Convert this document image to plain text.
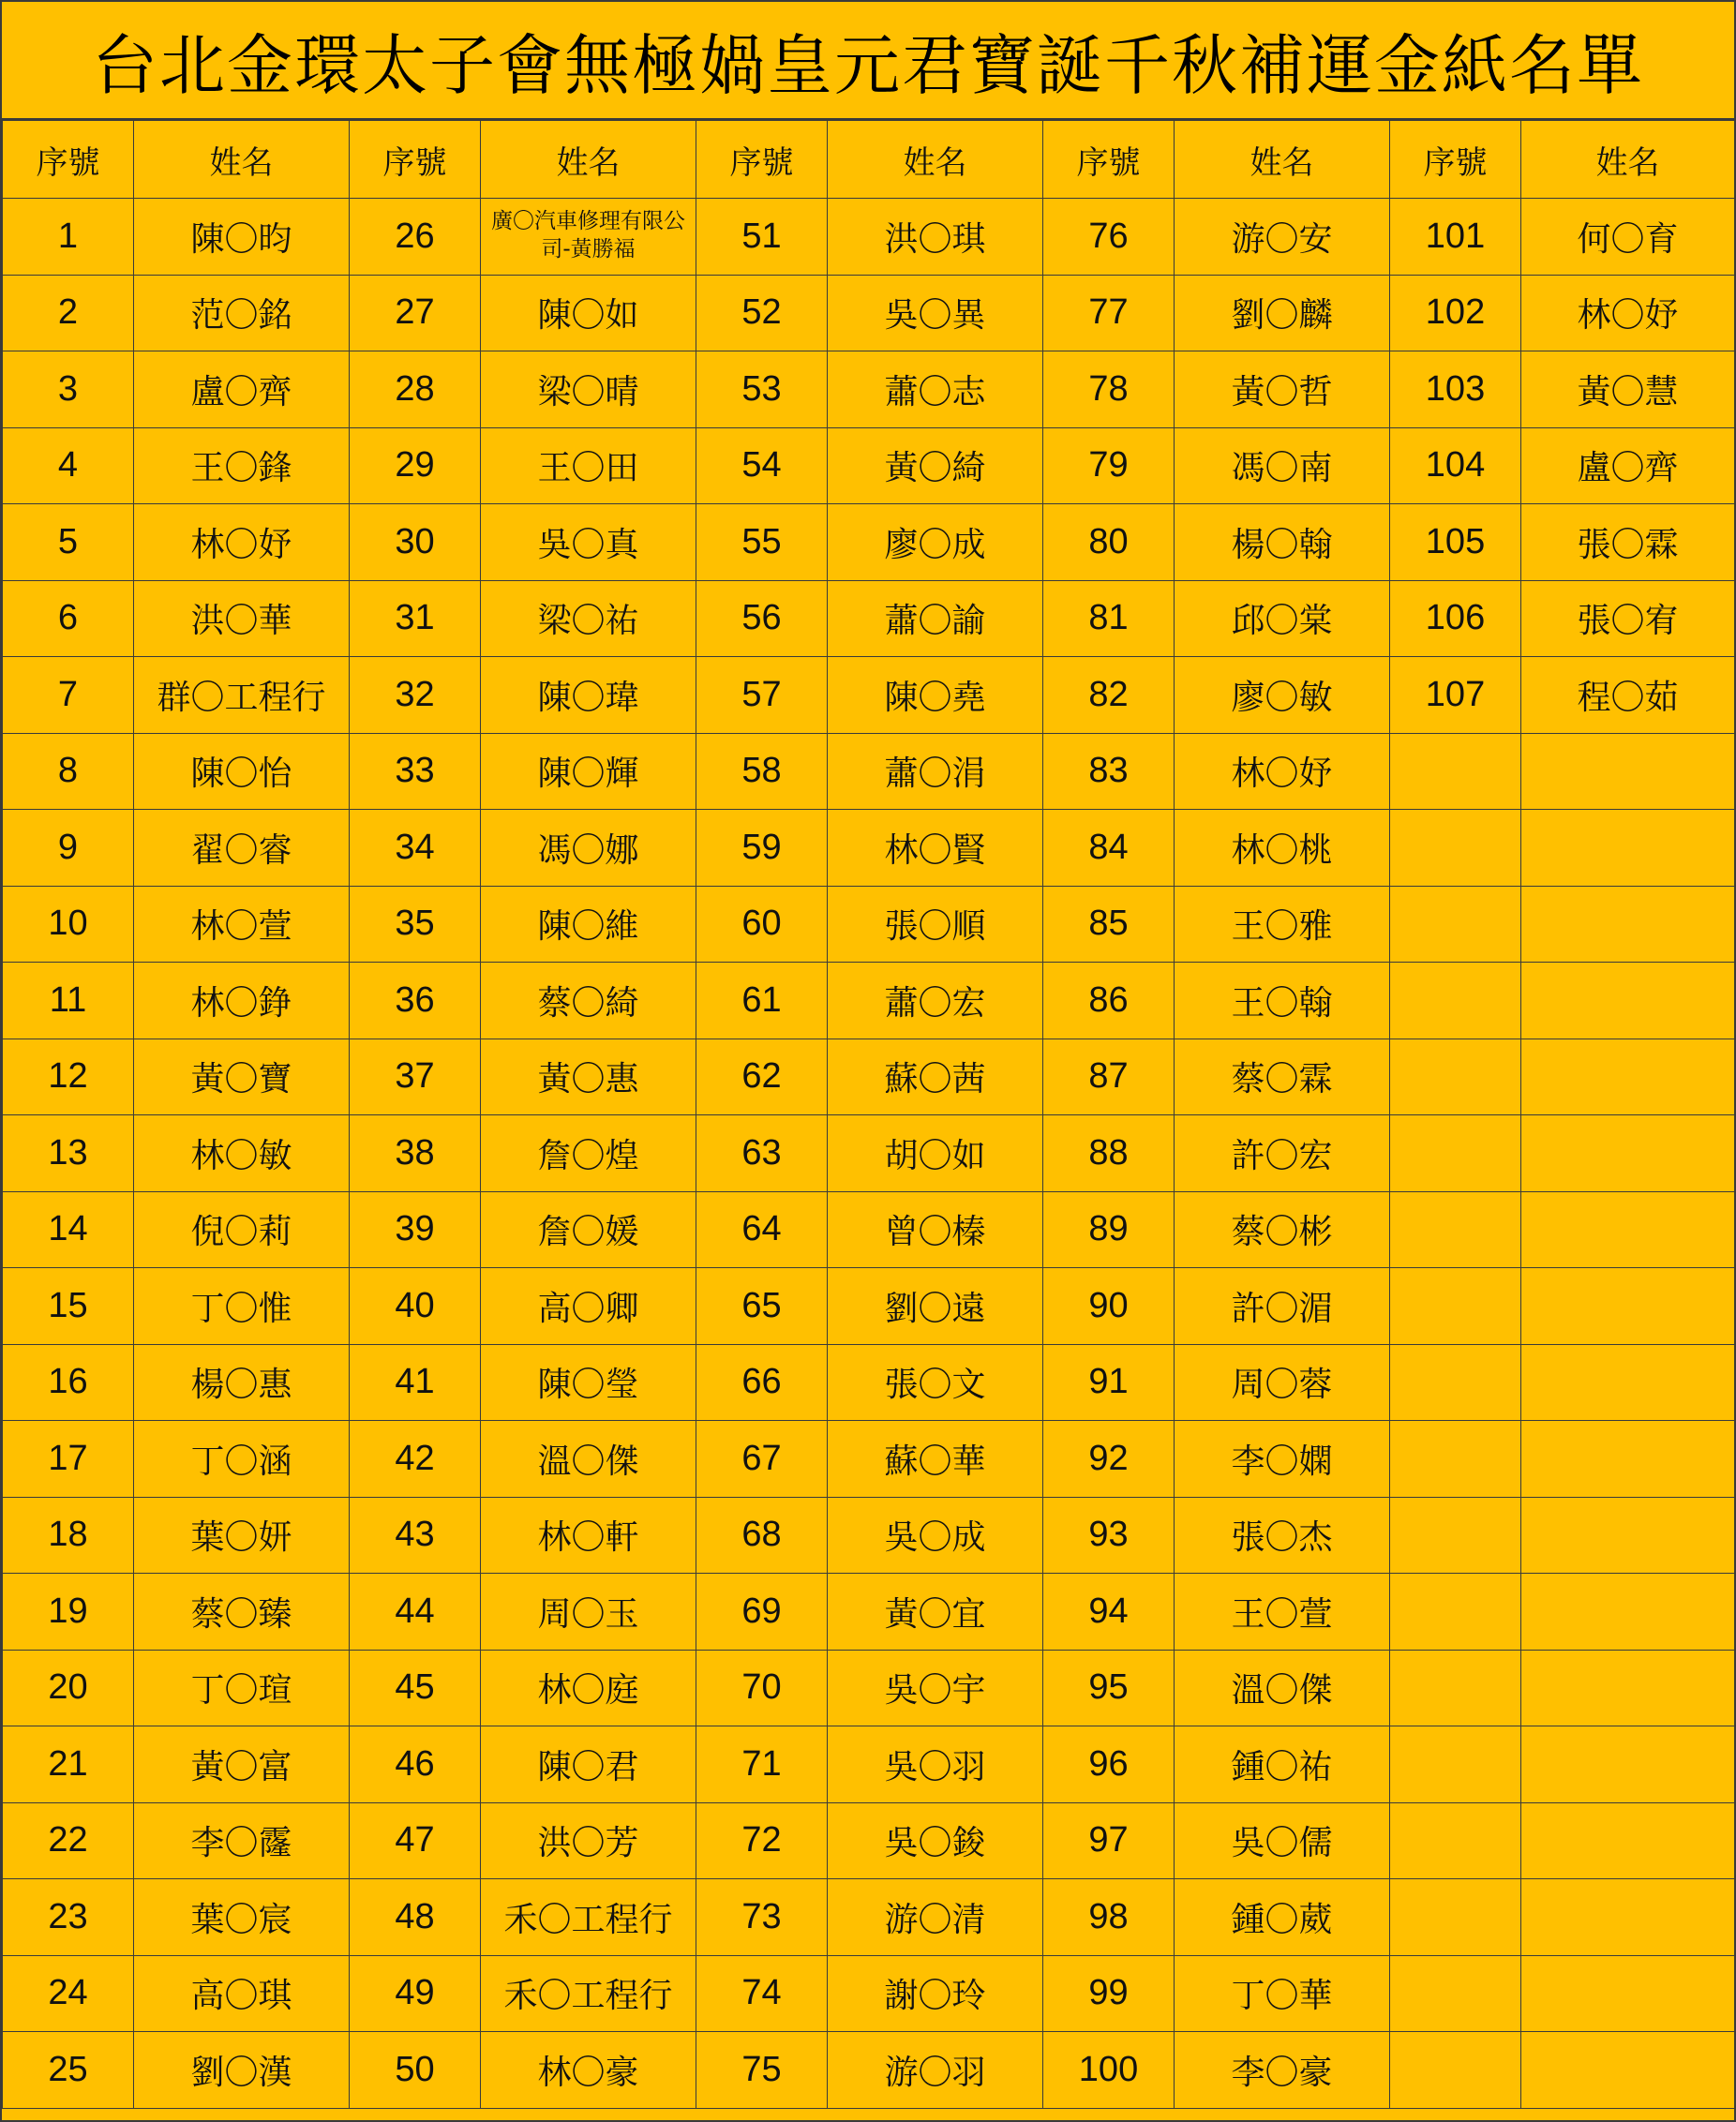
台北金環太子會無極媧皇元君寶誕千秋補運金紙名單
序號	姓名	序號	姓名	序號	姓名	序號	姓名	序號	姓名
1	陳〇昀	26	廣〇汽車修理有限公司-黃勝福	51	洪〇琪	76	游〇安	101	何〇育
2	范〇銘	27	陳〇如	52	吳〇異	77	劉〇麟	102	林〇妤
3	盧〇齊	28	梁〇晴	53	蕭〇志	78	黃〇哲	103	黃〇慧
4	王〇鋒	29	王〇田	54	黃〇綺	79	馮〇南	104	盧〇齊
5	林〇妤	30	吳〇真	55	廖〇成	80	楊〇翰	105	張〇霖
6	洪〇華	31	梁〇祐	56	蕭〇諭	81	邱〇棠	106	張〇宥
7	群〇工程行	32	陳〇瑋	57	陳〇堯	82	廖〇敏	107	程〇茹
8	陳〇怡	33	陳〇輝	58	蕭〇涓	83	林〇妤		
9	翟〇睿	34	馮〇娜	59	林〇賢	84	林〇桃		
10	林〇萱	35	陳〇維	60	張〇順	85	王〇雅		
11	林〇錚	36	蔡〇綺	61	蕭〇宏	86	王〇翰		
12	黃〇寶	37	黃〇惠	62	蘇〇茜	87	蔡〇霖		
13	林〇敏	38	詹〇煌	63	胡〇如	88	許〇宏		
14	倪〇莉	39	詹〇媛	64	曾〇榛	89	蔡〇彬		
15	丁〇惟	40	高〇卿	65	劉〇遠	90	許〇湄		
16	楊〇惠	41	陳〇瑩	66	張〇文	91	周〇蓉		
17	丁〇涵	42	溫〇傑	67	蘇〇華	92	李〇嫻		
18	葉〇妍	43	林〇軒	68	吳〇成	93	張〇杰		
19	蔡〇臻	44	周〇玉	69	黃〇宜	94	王〇萱		
20	丁〇瑄	45	林〇庭	70	吳〇宇	95	溫〇傑		
21	黃〇富	46	陳〇君	71	吳〇羽	96	鍾〇祐		
22	李〇霳	47	洪〇芳	72	吳〇鋑	97	吳〇儒		
23	葉〇宸	48	禾〇工程行	73	游〇清	98	鍾〇葳		
24	高〇琪	49	禾〇工程行	74	謝〇玲	99	丁〇華		
25	劉〇漢	50	林〇豪	75	游〇羽	100	李〇豪		
